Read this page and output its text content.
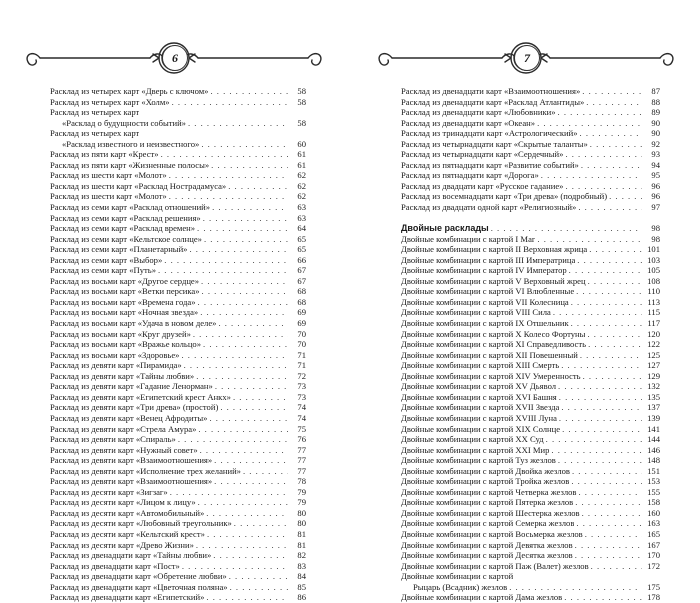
6
Расклад из четырех карт «Дверь с ключом» . . .	58
Расклад из четырех карт «Холм» . . .	58
Расклад из четырех карт
«Расклад о будущности событий» . . .	58
Расклад из четырех карт
«Расклад известного и неизвестного» . . .	60
Расклад из пяти карт «Крест» . . .	61
Расклад из пяти карт «Жизненные полосы» . . .	61
Расклад из шести карт «Молот» . . .	62
Расклад из шести карт «Расклад Нострадамуса» . . .	62
Расклад из шести карт «Молот» . . .	62
Расклад из семи карт «Расклад отношений» . . .	63
Расклад из семи карт «Расклад решения» . . .	63
Расклад из семи карт «Расклад времен» . . .	64
Расклад из семи карт «Кельтское солнце» . . .	65
Расклад из семи карт «Планетарный» . . .	65
Расклад из семи карт «Выбор» . . .	66
Расклад из семи карт «Путь» . . .	67
Расклад из восьми карт «Другое сердце» . . .	67
Расклад из восьми карт «Ветки персика» . . .	68
Расклад из восьми карт «Времена года» . . .	68
Расклад из восьми карт «Ночная звезда» . . .	69
Расклад из восьми карт «Удача в новом деле» . . .	69
Расклад из восьми карт «Круг друзей» . . .	70
Расклад из восьми карт «Вражье кольцо» . . .	70
Расклад из восьми карт «Здоровье» . . .	71
Расклад из девяти карт «Пирамида» . . .	71
Расклад из девяти карт «Тайны любви» . . .	72
Расклад из девяти карт «Гадание Ленорман» . . .	73
Расклад из девяти карт «Египетский крест Анкх» . . .	73
Расклад из девяти карт «Три древа» (простой) . . .	74
Расклад из девяти карт «Венец Афродиты» . . .	74
Расклад из девяти карт «Стрела Амура» . . .	75
Расклад из девяти карт «Спираль» . . .	76
Расклад из девяти карт «Нужный совет» . . .	77
Расклад из девяти карт «Взаимоотношения» . . .	77
Расклад из девяти карт «Исполнение трех желаний» . . .	77
Расклад из девяти карт «Взаимоотношения» . . .	78
Расклад из десяти карт «Зигзаг» . . .	79
Расклад из десяти карт «Лицом к лицу» . . .	79
Расклад из десяти карт «Автомобильный» . . .	80
Расклад из десяти карт «Любовный треугольник» . . .	80
Расклад из десяти карт «Кельтский крест» . . .	81
Расклад из десяти карт «Древо Жизни» . . .	81
Расклад из двенадцати карт «Тайны любви» . . .	82
Расклад из двенадцати карт «Пост» . . .	83
Расклад из двенадцати карт «Обретение любви» . . .	84
Расклад из двенадцати карт «Цветочная поляна» . . .	85
Расклад из двенадцати карт «Египетский» . . .	86
7
Расклад из двенадцати карт «Взаимоотношения» . . .	87
Расклад из двенадцати карт «Расклад Атлантиды» . . .	88
Расклад из двенадцати карт «Любовники» . . .	89
Расклад из двенадцати карт «Океан» . . .	90
Расклад из тринадцати карт «Астрологический» . . .	90
Расклад из четырнадцати карт «Скрытые таланты» . . .	92
Расклад из четырнадцати карт «Сердечный» . . .	93
Расклад из пятнадцати карт «Развитие событий» . . .	94
Расклад из пятнадцати карт «Дорога» . . .	95
Расклад из двадцати карт «Русское гадание» . . .	96
Расклад из восемнадцати карт «Три древа» (подробный) . . .	96
Расклад из двадцати одной карт «Религиозный» . . .	97
Двойные расклады . . .	98
Двойные комбинации с картой I Маг . . .	98
Двойные комбинации с картой II Верховная жрица . . .	101
Двойные комбинации с картой III Императрица . . .	103
Двойные комбинации с картой IV Император . . .	105
Двойные комбинации с картой V Верховный жрец . . .	108
Двойные комбинации с картой VI Влюбленные . . .	110
Двойные комбинации с картой VII Колесница . . .	113
Двойные комбинации с картой VIII Сила . . .	115
Двойные комбинации с картой IX Отшельник . . .	117
Двойные комбинации с картой X Колесо Фортуны . . .	120
Двойные комбинации с картой XI Справедливость . . .	122
Двойные комбинации с картой XII Повешенный . . .	125
Двойные комбинации с картой XIII Смерть . . .	127
Двойные комбинации с картой XIV Умеренность . . .	129
Двойные комбинации с картой XV Дьявол . . .	132
Двойные комбинации с картой XVI Башня . . .	135
Двойные комбинации с картой XVII Звезда . . .	137
Двойные комбинации с картой XVIII Луна . . .	139
Двойные комбинации с картой XIX Солнце . . .	141
Двойные комбинации с картой XX Суд . . .	144
Двойные комбинации с картой XXI Мир . . .	146
Двойные комбинации с картой Туз жезлов . . .	148
Двойные комбинации с картой Двойка жезлов . . .	151
Двойные комбинации с картой Тройка жезлов . . .	153
Двойные комбинации с картой Четверка жезлов . . .	155
Двойные комбинации с картой Пятерка жезлов . . .	158
Двойные комбинации с картой Шестерка жезлов . . .	160
Двойные комбинации с картой Семерка жезлов . . .	163
Двойные комбинации с картой Восьмерка жезлов . . .	165
Двойные комбинации с картой Девятка жезлов . . .	167
Двойные комбинации с картой Десятка жезлов . . .	170
Двойные комбинации с картой Паж (Валет) жезлов . . .	172
Двойные комбинации с картой
Рыцарь (Всадник) жезлов . . .	175
Двойные комбинации с картой Дама жезлов . . .	178
